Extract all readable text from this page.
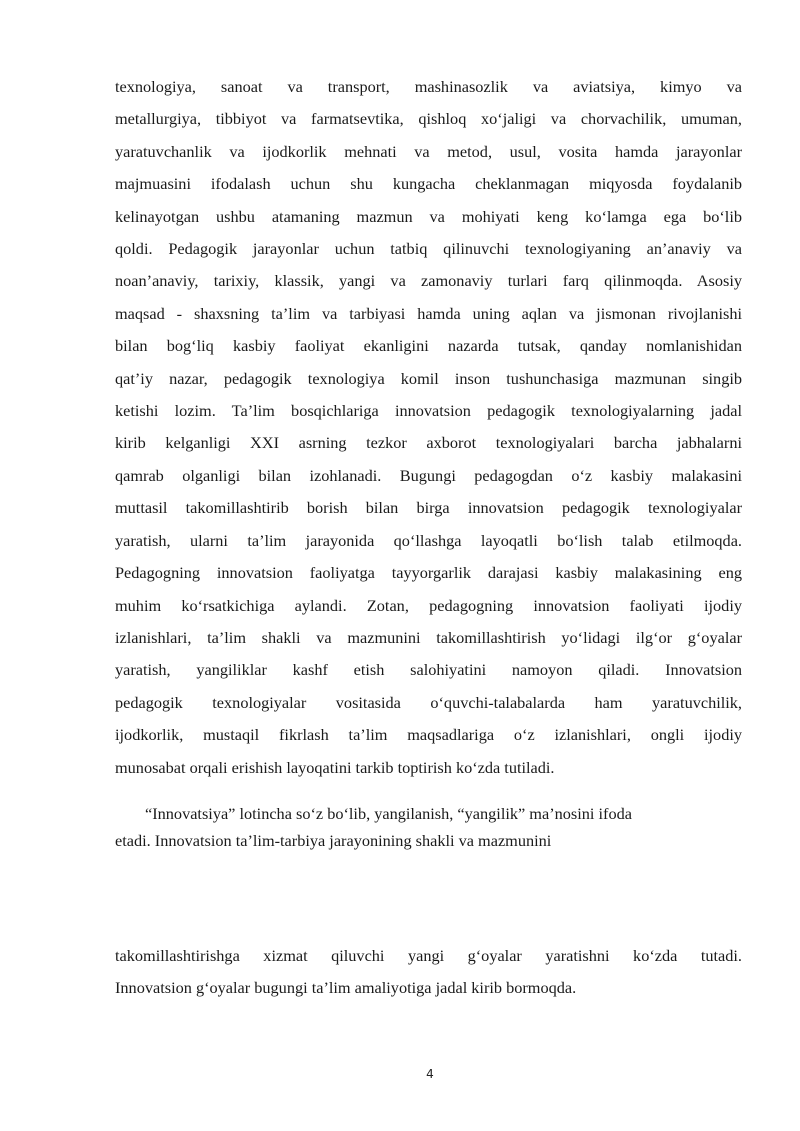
texnologiya, sanoat va transport, mashinasozlik va aviatsiya, kimyo va
metallurgiya, tibbiyot va farmatsevtika, qishloq xo‘jaligi va chorvachilik, umuman,
yaratuvchanlik va ijodkorlik mehnati va metod, usul, vosita hamda jarayonlar
majmuasini ifodalash uchun shu kungacha cheklanmagan miqyosda foydalanib
kelinayotgan ushbu atamaning mazmun va mohiyati keng ko‘lamga ega bo‘lib
qoldi. Pedagogik jarayonlar uchun tatbiq qilinuvchi texnologiyaning an’anaviy va
noan’anaviy, tarixiy, klassik, yangi va zamonaviy turlari farq qilinmoqda. Asosiy
maqsad - shaxsning ta’lim va tarbiyasi hamda uning aqlan va jismonan rivojlanishi
bilan bog‘liq kasbiy faoliyat ekanligini nazarda tutsak, qanday nomlanishidan
qat’iy nazar, pedagogik texnologiya komil inson tushunchasiga mazmunan singib
ketishi lozim. Ta’lim bosqichlariga innovatsion pedagogik texnologiyalarning jadal
kirib kelganligi XXI asrning tezkor axborot texnologiyalari barcha jabhalarni
qamrab olganligi bilan izohlanadi. Bugungi pedagogdan o‘z kasbiy malakasini
muttasil takomillashtirib borish bilan birga innovatsion pedagogik texnologiyalar
yaratish, ularni ta’lim jarayonida qo‘llashga layoqatli bo‘lish talab etilmoqda.
Pedagogning innovatsion faoliyatga tayyorgarlik darajasi kasbiy malakasining eng
muhim ko‘rsatkichiga aylandi. Zotan, pedagogning innovatsion faoliyati ijodiy
izlanishlari, ta’lim shakli va mazmunini takomillashtirish yo‘lidagi ilg‘or g‘oyalar
yaratish, yangiliklar kashf etish salohiyatini namoyon qiladi. Innovatsion
pedagogik texnologiyalar vositasida o‘quvchi-talabalarda ham yaratuvchilik,
ijodkorlik, mustaqil fikrlash ta’lim maqsadlariga o‘z izlanishlari, ongli ijodiy
munosabat orqali erishish layoqatini tarkib toptirish ko‘zda tutiladi.
“Innovatsiya” lotincha so‘z bo‘lib, yangilanish, “yangilik” ma’nosini ifoda
etadi. Innovatsion ta’lim-tarbiya jarayonining shakli va mazmunini
takomillashtirishga xizmat qiluvchi yangi g‘oyalar yaratishni ko‘zda tutadi.
Innovatsion g‘oyalar bugungi ta’lim amaliyotiga jadal kirib bormoqda.
4
